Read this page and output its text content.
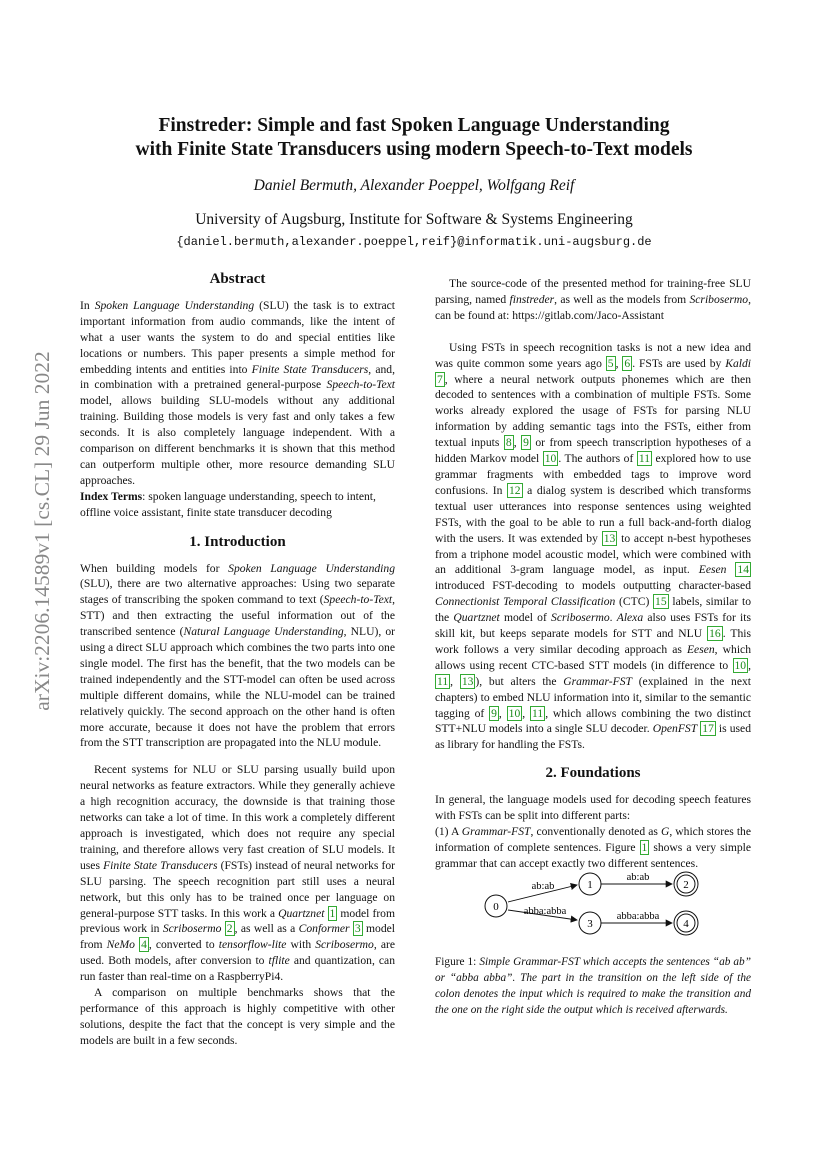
Finstreder: Simple and fast Spoken Language Understanding
with Finite State Transducers using modern Speech-to-Text models
Daniel Bermuth, Alexander Poeppel, Wolfgang Reif
University of Augsburg, Institute for Software & Systems Engineering
{daniel.bermuth,alexander.poeppel,reif}@informatik.uni-augsburg.de
arXiv:2206.14589v1 [cs.CL] 29 Jun 2022
Abstract

In Spoken Language Understanding (SLU) the task is to extract important information from audio commands, like the intent of what a user wants the system to do and special entities like locations or numbers. This paper presents a simple method for embedding intents and entities into Finite State Transducers, and, in combination with a pretrained general-purpose Speech-to-Text model, allows building SLU-models without any additional training. Building those models is very fast and only takes a few seconds. It is also completely language independent. With a comparison on different benchmarks it is shown that this method can outperform multiple other, more resource demanding SLU approaches.

Index Terms: spoken language understanding, speech to intent, offline voice assistant, finite state transducer decoding

1. Introduction

When building models for Spoken Language Understanding (SLU), there are two alternative approaches: Using two separate stages of transcribing the spoken command to text (Speech-to-Text, STT) and then extracting the useful information out of the transcribed sentence (Natural Language Understanding, NLU), or using a direct SLU approach which combines the two parts into one single model. The first has the benefit, that the two models can be trained independently and the STT-model can often be used across multiple different domains, while the NLU-model can be trained relatively quickly. The second approach on the other hand is often more accurate, because it does not have the problem that errors from the STT transcription are propagated into the NLU module.

Recent systems for NLU or SLU parsing usually build upon neural networks as feature extractors. While they generally achieve a high recognition accuracy, the downside is that training those networks can take a lot of time. In this work a completely different approach is investigated, which does not require any special training, and therefore allows very fast creation of SLU models. It uses Finite State Transducers (FSTs) instead of neural networks for SLU parsing. The speech recognition part still uses a neural network, but this only has to be trained once per language on general-purpose STT tasks. In this work a Quartznet 1 model from previous work in Scribosermo 2 , as well as a Conformer 3 model from NeMo 4 , converted to tensorflow-lite with Scribosermo, are used. Both models, after conversion to tflite and quantization, can run faster than real-time on a RaspberryPi4.

A comparison on multiple benchmarks shows that the performance of this approach is highly competitive with other solutions, despite the fact that the concept is very simple and the models are built in a few seconds.

The source-code of the presented method for training-free SLU parsing, named finstreder, as well as the models from Scribosermo, can be found at: https://gitlab.com/Jaco-Assistant

Using FSTs in speech recognition tasks is not a new idea and was quite common some years ago 5 , 6 . FSTs are used by Kaldi 7 , where a neural network outputs phonemes which are then decoded to sentences with a combination of multiple FSTs. Some works already explored the usage of FSTs for parsing NLU information by adding semantic tags into the FSTs, either from textual inputs 8 , 9 or from speech transcription hypotheses of a hidden Markov model 10 . The authors of 11 explored how to use grammar fragments with embedded tags to improve word confusions. In 12 a dialog system is described which transforms textual user utterances into response sentences using weighted FSTs, with the goal to be able to run a full back-and-forth dialog with the users. It was extended by 13 to accept n-best hypotheses from a triphone model acoustic model, which were combined with an additional 3-gram language model, as input. Eesen 14 introduced FST-decoding to models outputting character-based Connectionist Temporal Classification (CTC) 15 labels, similar to the Quartznet model of Scribosermo. Alexa also uses FSTs for its skill kit, but keeps separate models for STT and NLU 16 . This work follows a very similar decoding approach as Eesen, which allows using recent CTC-based STT models (in difference to 10 , 11 , 13 ), but alters the Grammar-FST (explained in the next chapters) to embed NLU information into it, similar to the semantic tagging of 9 , 10 , 11 , which allows combining the two distinct STT+NLU models into a single SLU decoder. OpenFST 17 is used as library for handling the FSTs.

2. Foundations

In general, the language models used for decoding speech features with FSTs can be split into different parts:

(1) A Grammar-FST, conventionally denoted as G, which stores the information of complete sentences. Figure 1 shows a very simple grammar that can accept exactly two different sentences.

0
1	2
3	4
ab:ab
ab:ab
abba:abba	abba:abba
Figure 1: Simple Grammar-FST which accepts the sentences “ab ab” or “abba abba”. The part in the transition on the left side of the colon denotes the input which is required to make the transition and the one on the right side the output which is received afterwards.
